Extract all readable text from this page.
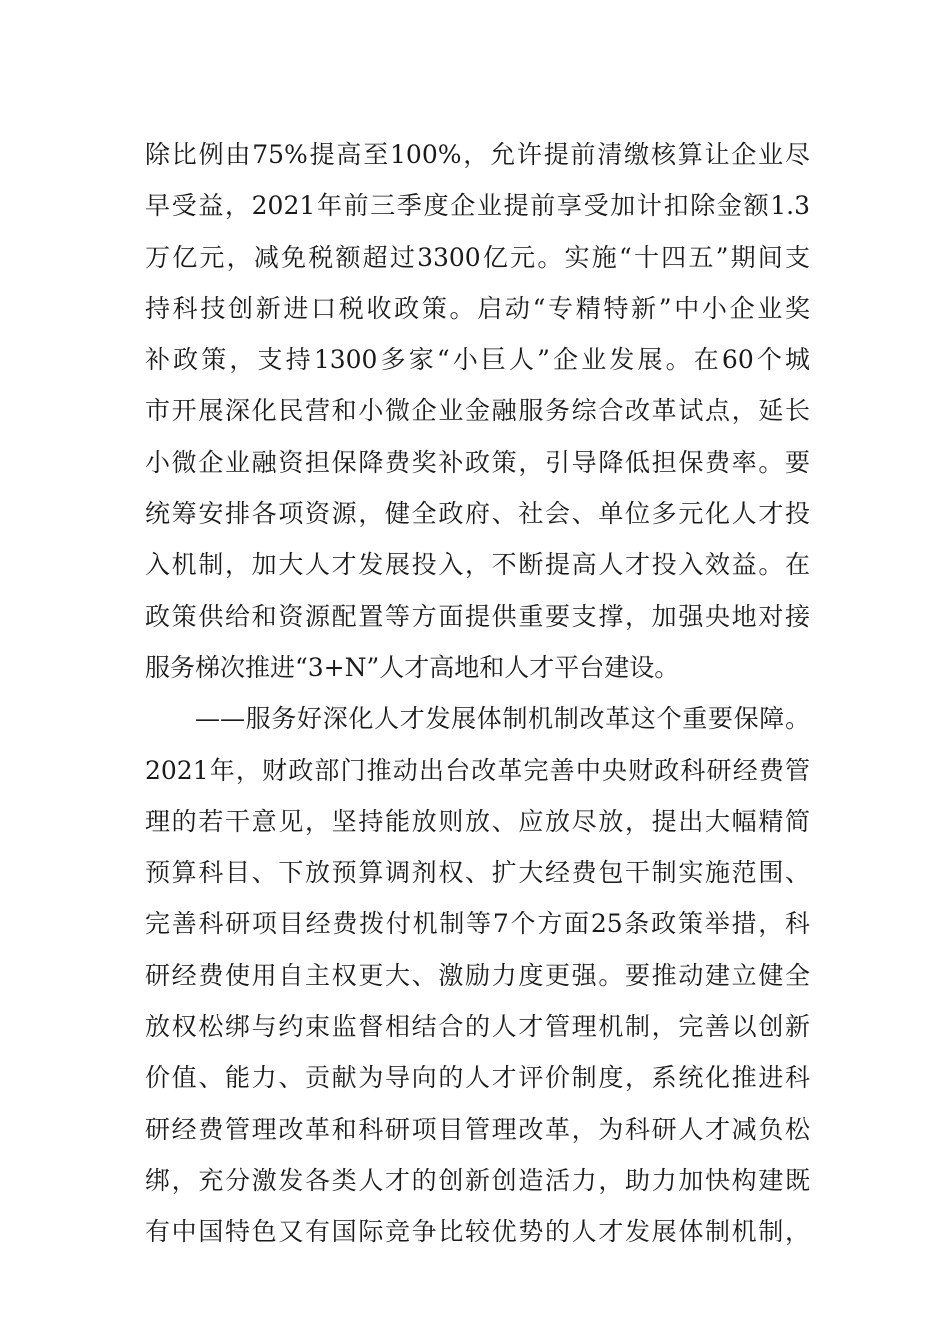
除比例由75%提高至100%，允许提前清缴核算让企业尽
早受益，2021年前三季度企业提前享受加计扣除金额1.3
万亿元，减免税额超过3300亿元。实施“十四五”期间支
持科技创新进口税收政策。启动“专精特新”中小企业奖
补政策，支持1300多家“小巨人”企业发展。在60个城
市开展深化民营和小微企业金融服务综合改革试点，延长
小微企业融资担保降费奖补政策，引导降低担保费率。要
统筹安排各项资源，健全政府、社会、单位多元化人才投
入机制，加大人才发展投入，不断提高人才投入效益。在
政策供给和资源配置等方面提供重要支撑，加强央地对接
服务梯次推进“3+N”人才高地和人才平台建设。
——服务好深化人才发展体制机制改革这个重要保障。
2021年，财政部门推动出台改革完善中央财政科研经费管
理的若干意见，坚持能放则放、应放尽放，提出大幅精简
预算科目、下放预算调剂权、扩大经费包干制实施范围、
完善科研项目经费拨付机制等7个方面25条政策举措，科
研经费使用自主权更大、激励力度更强。要推动建立健全
放权松绑与约束监督相结合的人才管理机制，完善以创新
价值、能力、贡献为导向的人才评价制度，系统化推进科
研经费管理改革和科研项目管理改革，为科研人才减负松
绑，充分激发各类人才的创新创造活力，助力加快构建既
有中国特色又有国际竞争比较优势的人才发展体制机制，
